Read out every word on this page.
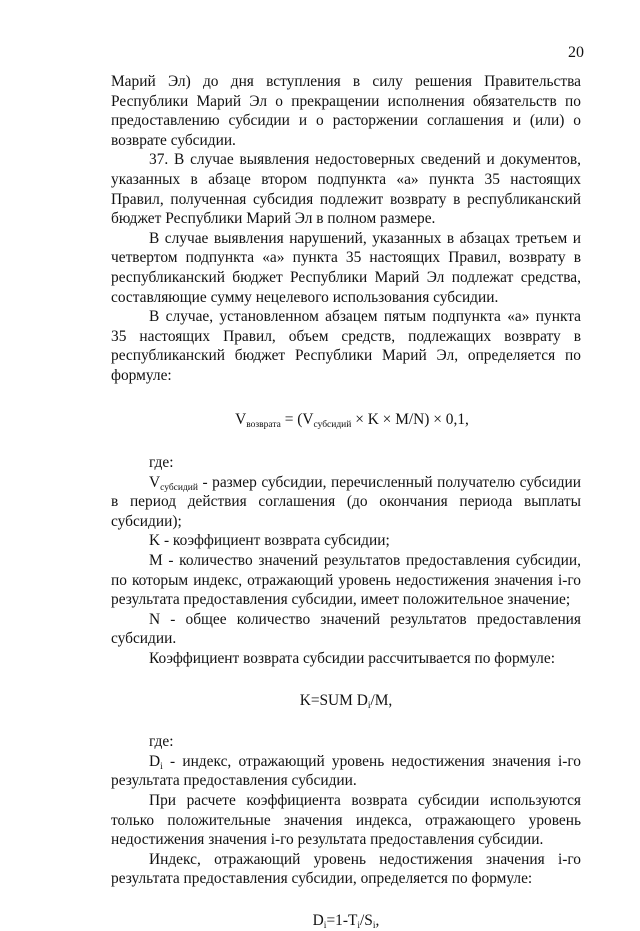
20

Марий Эл) до дня вступления в силу решения Правительства Республики Марий Эл о прекращении исполнения обязательств по предоставлению субсидии и о расторжении соглашения и (или) о возврате субсидии.

37. В случае выявления недостоверных сведений и документов, указанных в абзаце втором подпункта «а» пункта 35 настоящих Правил, полученная субсидия подлежит возврату в республиканский бюджет Республики Марий Эл в полном размере.

В случае выявления нарушений, указанных в абзацах третьем и четвертом подпункта «а» пункта 35 настоящих Правил, возврату в республиканский бюджет Республики Марий Эл подлежат средства, составляющие сумму нецелевого использования субсидии.

В случае, установленном абзацем пятым подпункта «а» пункта 35 настоящих Правил, объем средств, подлежащих возврату в республиканский бюджет Республики Марий Эл, определяется по формуле:

$V_{возврата} = (V_{субсидий} \times K \times M/N) \times 0,1$,

где:

$V_{субсидий}$ - размер субсидии, перечисленный получателю субсидии в период действия соглашения (до окончания периода выплаты субсидии);

K - коэффициент возврата субсидии;

M - количество значений результатов предоставления субсидии, по которым индекс, отражающий уровень недостижения значения i-го результата предоставления субсидии, имеет положительное значение;

N - общее количество значений результатов предоставления субсидии.

Коэффициент возврата субсидии рассчитывается по формуле:

K=SUM $D_i/M$,

где:

$D_i$ - индекс, отражающий уровень недостижения значения i-го результата предоставления субсидии.

При расчете коэффициента возврата субсидии используются только положительные значения индекса, отражающего уровень недостижения значения i-го результата предоставления субсидии.

Индекс, отражающий уровень недостижения значения i-го результата предоставления субсидии, определяется по формуле:

$D_i=1-T_i/S_i$,
